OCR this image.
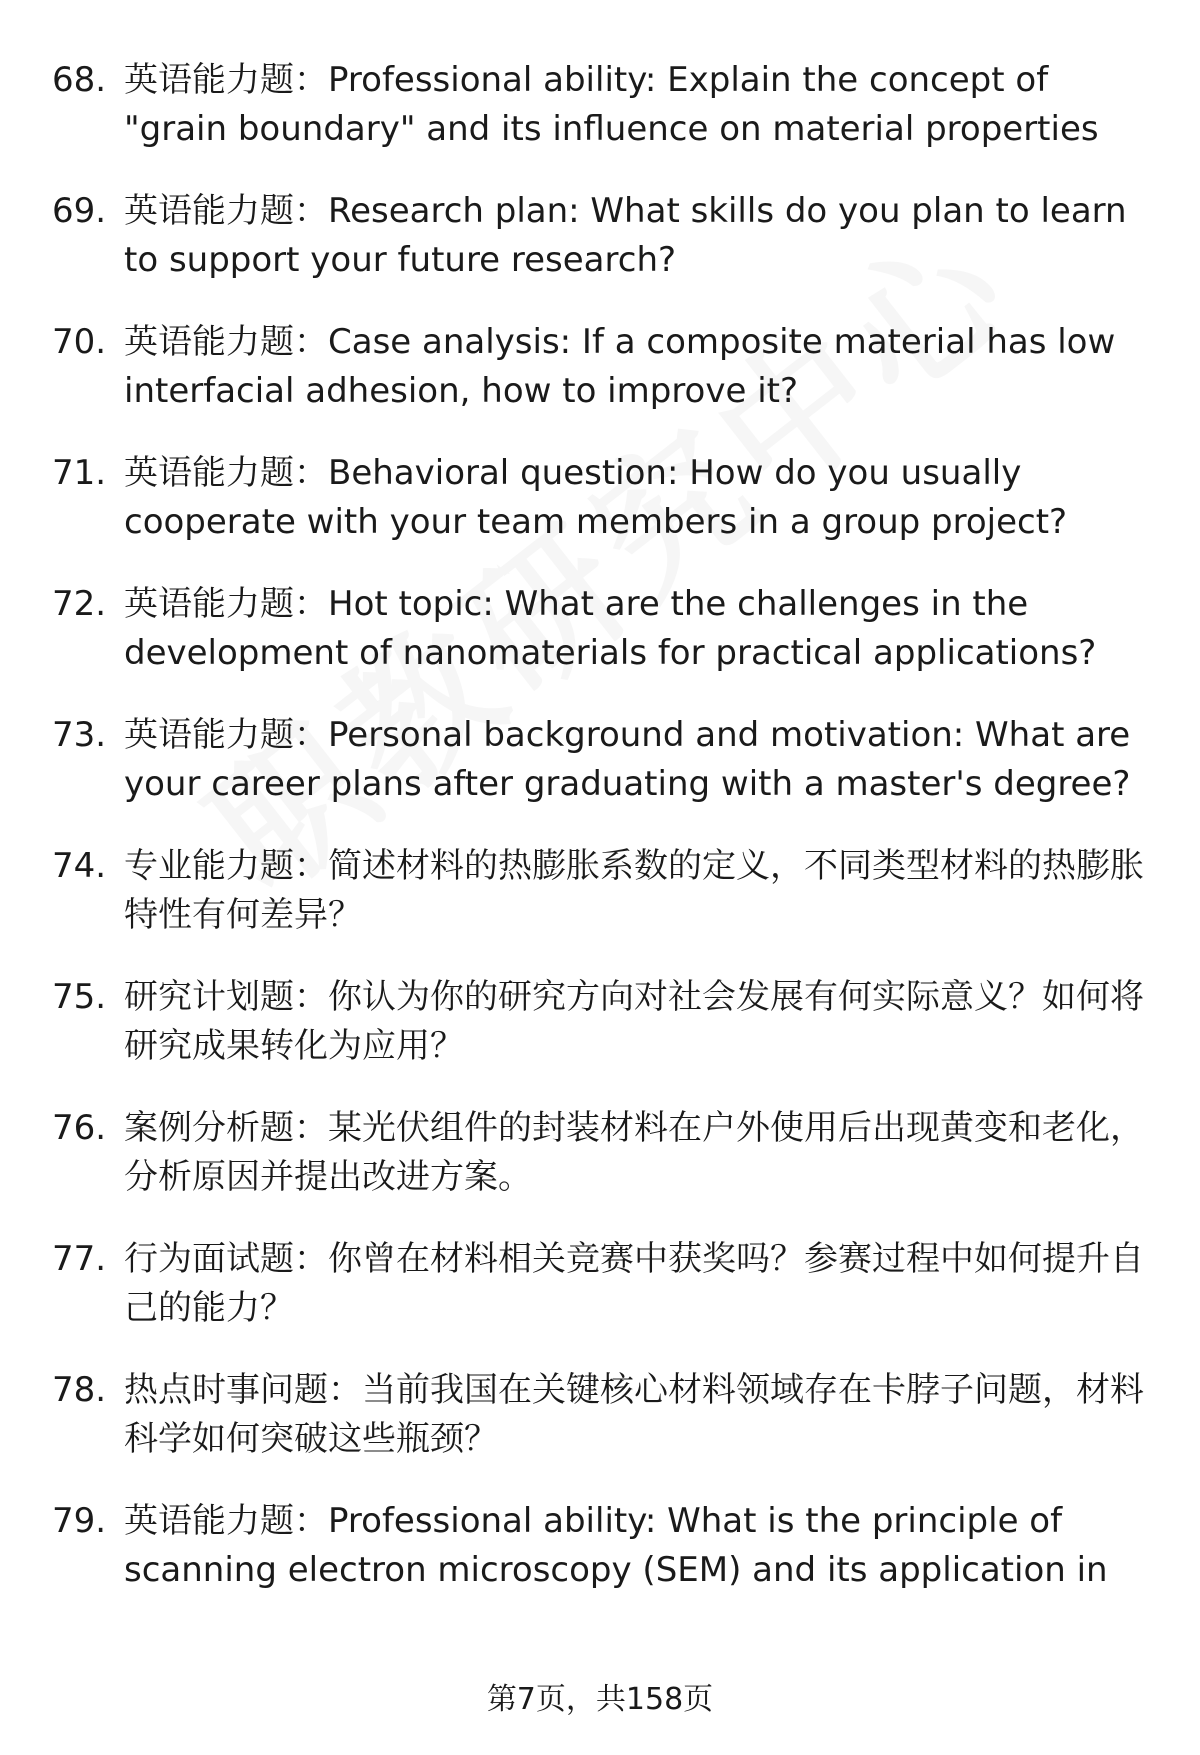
68. 英语能力题：Professional ability: Explain the concept of "grain boundary" and its influence on material properties
69. 英语能力题：Research plan: What skills do you plan to learn to support your future research?
70. 英语能力题：Case analysis: If a composite material has low interfacial adhesion, how to improve it?
71. 英语能力题：Behavioral question: How do you usually cooperate with your team members in a group project?
72. 英语能力题：Hot topic: What are the challenges in the development of nanomaterials for practical applications?
73. 英语能力题：Personal background and motivation: What are your career plans after graduating with a master's degree?
74. 专业能力题：简述材料的热膨胀系数的定义，不同类型材料的热膨胀特性有何差异？
75. 研究计划题：你认为你的研究方向对社会发展有何实际意义？如何将研究成果转化为应用？
76. 案例分析题：某光伏组件的封装材料在户外使用后出现黄变和老化，分析原因并提出改进方案。
77. 行为面试题：你曾在材料相关竞赛中获奖吗？参赛过程中如何提升自己的能力？
78. 热点时事问题：当前我国在关键核心材料领域存在卡脖子问题，材料科学如何突破这些瓶颈？
79. 英语能力题：Professional ability: What is the principle of scanning electron microscopy (SEM) and its application in
第7页，共158页
